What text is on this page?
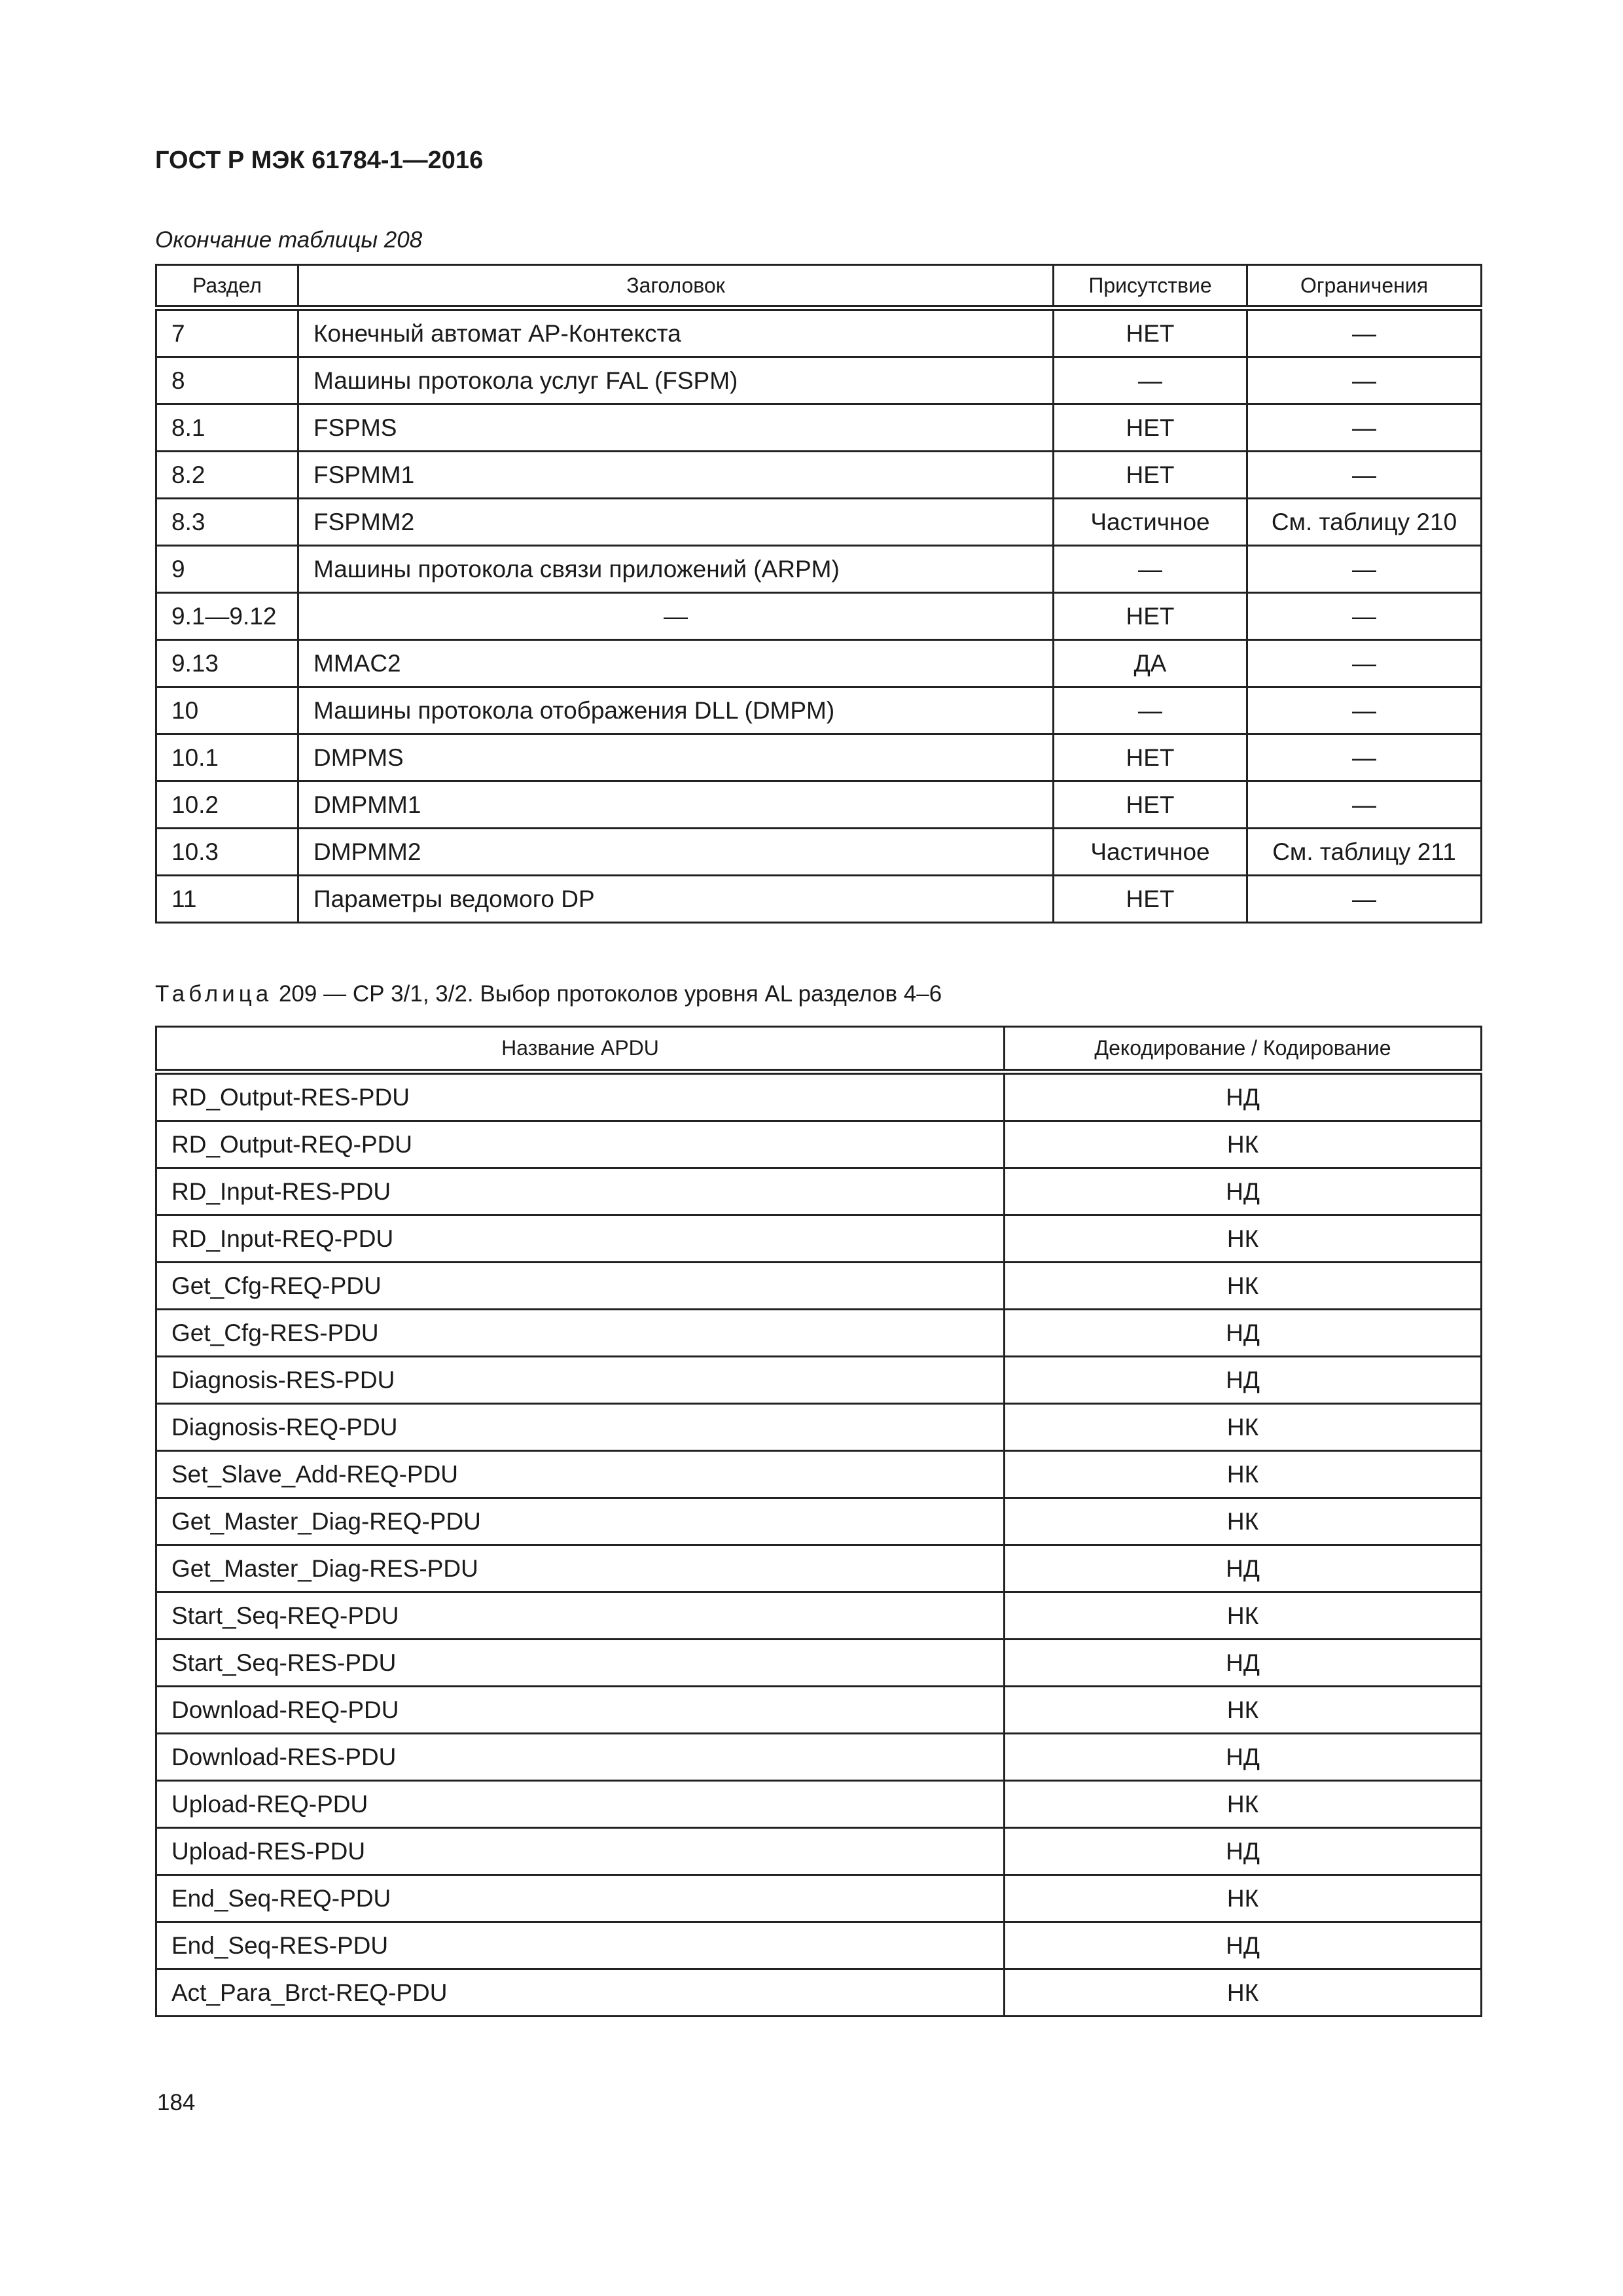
ГОСТ Р МЭК 61784-1—2016

Окончание таблицы 208

Раздел	Заголовок	Присутствие	Ограничения
7	Конечный автомат AP-Контекста	НЕТ	—
8	Машины протокола услуг FAL (FSPM)	—	—
8.1	FSPMS	НЕТ	—
8.2	FSPMM1	НЕТ	—
8.3	FSPMM2	Частичное	См. таблицу 210
9	Машины протокола связи приложений (ARPM)	—	—
9.1—9.12	—	НЕТ	—
9.13	MMAC2	ДА	—
10	Машины протокола отображения DLL (DMPM)	—	—
10.1	DMPMS	НЕТ	—
10.2	DMPMM1	НЕТ	—
10.3	DMPMM2	Частичное	См. таблицу 211
11	Параметры ведомого DP	НЕТ	—

Таблица 209 — СР 3/1, 3/2. Выбор протоколов уровня AL разделов 4–6

Название APDU	Декодирование / Кодирование
RD_Output-RES-PDU	НД
RD_Output-REQ-PDU	НК
RD_Input-RES-PDU	НД
RD_Input-REQ-PDU	НК
Get_Cfg-REQ-PDU	НК
Get_Cfg-RES-PDU	НД
Diagnosis-RES-PDU	НД
Diagnosis-REQ-PDU	НК
Set_Slave_Add-REQ-PDU	НК
Get_Master_Diag-REQ-PDU	НК
Get_Master_Diag-RES-PDU	НД
Start_Seq-REQ-PDU	НК
Start_Seq-RES-PDU	НД
Download-REQ-PDU	НК
Download-RES-PDU	НД
Upload-REQ-PDU	НК
Upload-RES-PDU	НД
End_Seq-REQ-PDU	НК
End_Seq-RES-PDU	НД
Act_Para_Brct-REQ-PDU	НК

184
